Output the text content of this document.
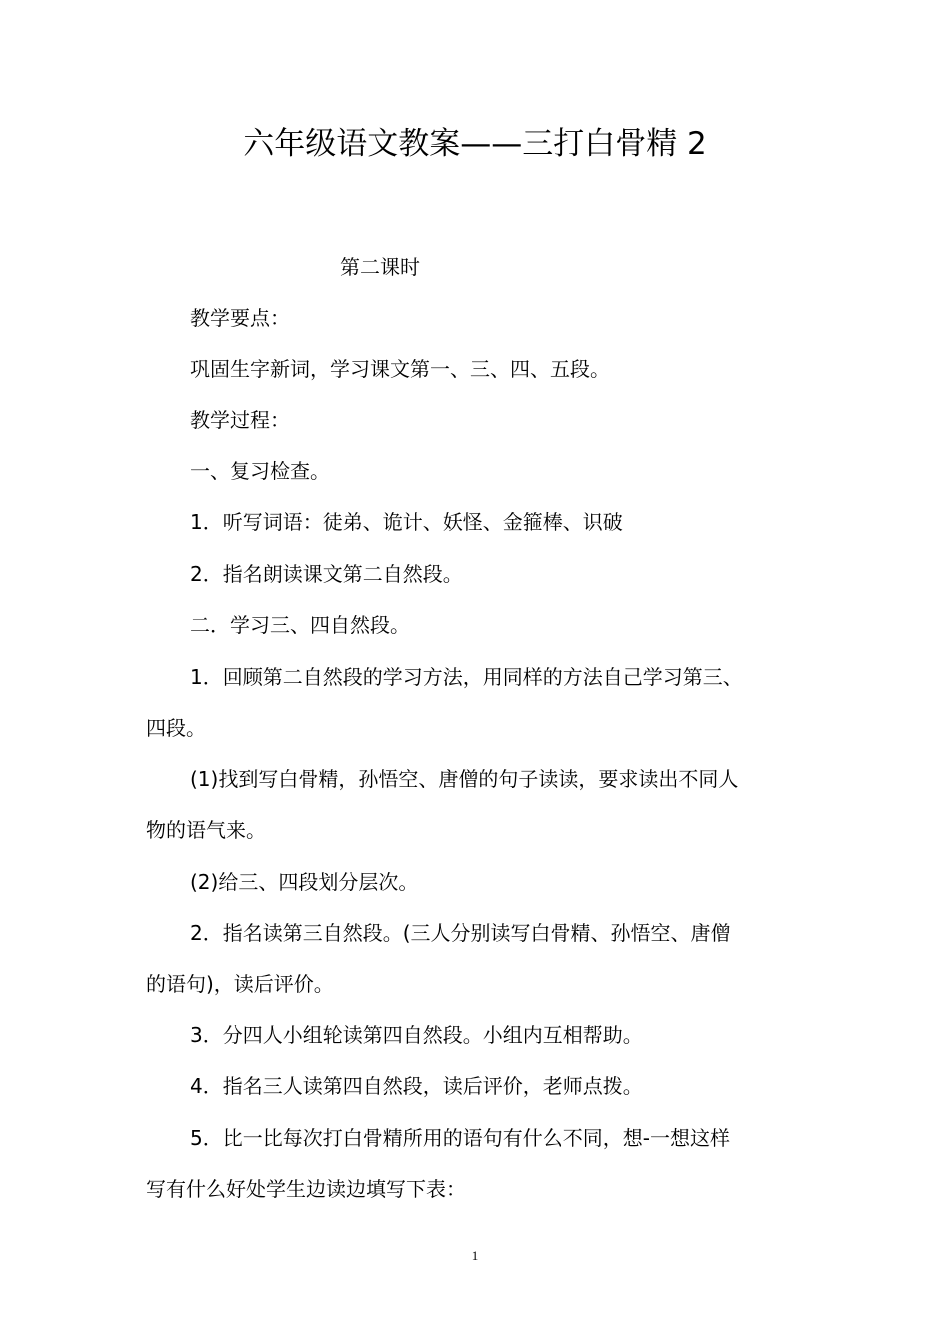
六年级语文教案——三打白骨精 2
第二课时
教学要点：
巩固生字新词，学习课文第一、三、四、五段。
教学过程：
一、复习检查。
1．听写词语：徒弟、诡计、妖怪、金箍棒、识破
2．指名朗读课文第二自然段。
二．学习三、四自然段。
1．回顾第二自然段的学习方法，用同样的方法自己学习第三、
四段。
(1)找到写白骨精，孙悟空、唐僧的句子读读，要求读出不同人
物的语气来。
(2)给三、四段划分层次。
2．指名读第三自然段。(三人分别读写白骨精、孙悟空、唐僧
的语句)，读后评价。
3．分四人小组轮读第四自然段。小组内互相帮助。
4．指名三人读第四自然段，读后评价，老师点拨。
5．比一比每次打白骨精所用的语句有什么不同，想-一想这样
写有什么好处学生边读边填写下表：
1
